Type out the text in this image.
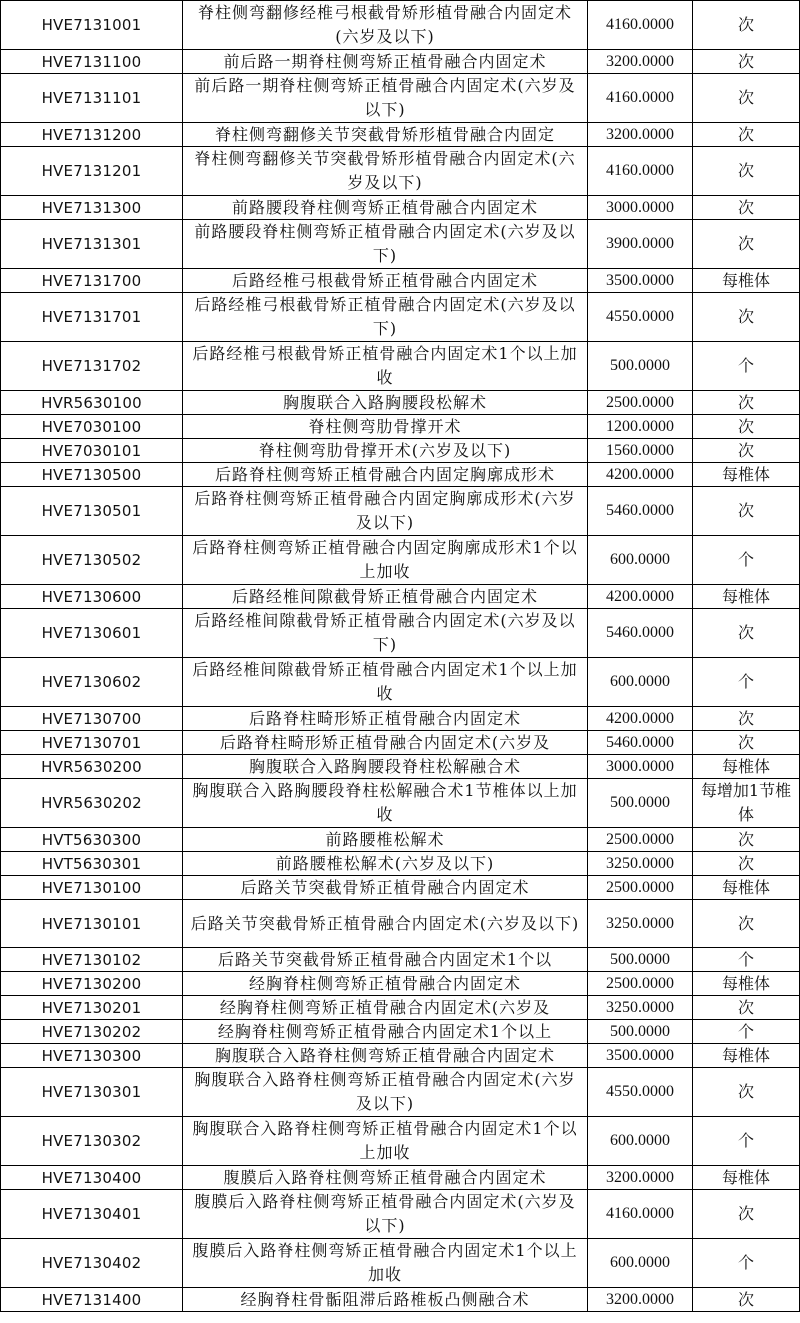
HVE7131001	脊柱侧弯翻修经椎弓根截骨矫形植骨融合内固定术(六岁及以下)	4160.0000	次
HVE7131100	前后路一期脊柱侧弯矫正植骨融合内固定术	3200.0000	次
HVE7131101	前后路一期脊柱侧弯矫正植骨融合内固定术(六岁及以下)	4160.0000	次
HVE7131200	脊柱侧弯翻修关节突截骨矫形植骨融合内固定	3200.0000	次
HVE7131201	脊柱侧弯翻修关节突截骨矫形植骨融合内固定术(六岁及以下)	4160.0000	次
HVE7131300	前路腰段脊柱侧弯矫正植骨融合内固定术	3000.0000	次
HVE7131301	前路腰段脊柱侧弯矫正植骨融合内固定术(六岁及以下)	3900.0000	次
HVE7131700	后路经椎弓根截骨矫正植骨融合内固定术	3500.0000	每椎体
HVE7131701	后路经椎弓根截骨矫正植骨融合内固定术(六岁及以下)	4550.0000	次
HVE7131702	后路经椎弓根截骨矫正植骨融合内固定术1个以上加收	500.0000	个
HVR5630100	胸腹联合入路胸腰段松解术	2500.0000	次
HVE7030100	脊柱侧弯肋骨撑开术	1200.0000	次
HVE7030101	脊柱侧弯肋骨撑开术(六岁及以下)	1560.0000	次
HVE7130500	后路脊柱侧弯矫正植骨融合内固定胸廓成形术	4200.0000	每椎体
HVE7130501	后路脊柱侧弯矫正植骨融合内固定胸廓成形术(六岁及以下)	5460.0000	次
HVE7130502	后路脊柱侧弯矫正植骨融合内固定胸廓成形术1个以上加收	600.0000	个
HVE7130600	后路经椎间隙截骨矫正植骨融合内固定术	4200.0000	每椎体
HVE7130601	后路经椎间隙截骨矫正植骨融合内固定术(六岁及以下)	5460.0000	次
HVE7130602	后路经椎间隙截骨矫正植骨融合内固定术1个以上加收	600.0000	个
HVE7130700	后路脊柱畸形矫正植骨融合内固定术	4200.0000	次
HVE7130701	后路脊柱畸形矫正植骨融合内固定术(六岁及	5460.0000	次
HVR5630200	胸腹联合入路胸腰段脊柱松解融合术	3000.0000	每椎体
HVR5630202	胸腹联合入路胸腰段脊柱松解融合术1节椎体以上加收	500.0000	每增加1节椎体
HVT5630300	前路腰椎松解术	2500.0000	次
HVT5630301	前路腰椎松解术(六岁及以下)	3250.0000	次
HVE7130100	后路关节突截骨矫正植骨融合内固定术	2500.0000	每椎体
HVE7130101	后路关节突截骨矫正植骨融合内固定术(六岁及以下)	3250.0000	次
HVE7130102	后路关节突截骨矫正植骨融合内固定术1个以	500.0000	个
HVE7130200	经胸脊柱侧弯矫正植骨融合内固定术	2500.0000	每椎体
HVE7130201	经胸脊柱侧弯矫正植骨融合内固定术(六岁及	3250.0000	次
HVE7130202	经胸脊柱侧弯矫正植骨融合内固定术1个以上	500.0000	个
HVE7130300	胸腹联合入路脊柱侧弯矫正植骨融合内固定术	3500.0000	每椎体
HVE7130301	胸腹联合入路脊柱侧弯矫正植骨融合内固定术(六岁及以下)	4550.0000	次
HVE7130302	胸腹联合入路脊柱侧弯矫正植骨融合内固定术1个以上加收	600.0000	个
HVE7130400	腹膜后入路脊柱侧弯矫正植骨融合内固定术	3200.0000	每椎体
HVE7130401	腹膜后入路脊柱侧弯矫正植骨融合内固定术(六岁及以下)	4160.0000	次
HVE7130402	腹膜后入路脊柱侧弯矫正植骨融合内固定术1个以上加收	600.0000	个
HVE7131400	经胸脊柱骨骺阻滞后路椎板凸侧融合术	3200.0000	次
